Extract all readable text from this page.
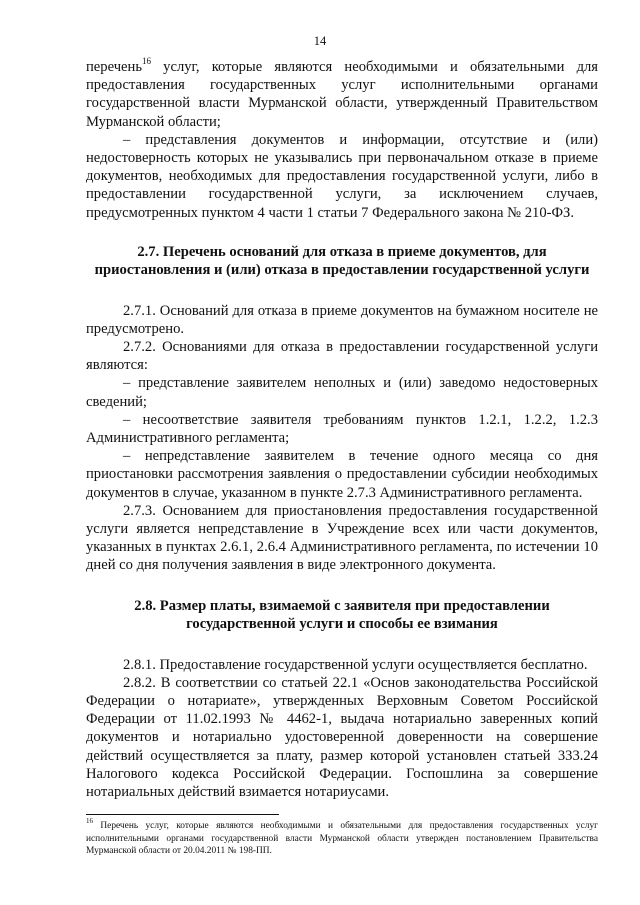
14

перечень$^{16}$ услуг, которые являются необходимыми и обязательными для предоставления государственных услуг исполнительными органами государственной власти Мурманской области, утвержденный Правительством Мурманской области;

– представления документов и информации, отсутствие и (или) недостоверность которых не указывались при первоначальном отказе в приеме документов, необходимых для предоставления государственной услуги, либо в предоставлении государственной услуги, за исключением случаев, предусмотренных пунктом 4 части 1 статьи 7 Федерального закона № 210-ФЗ.

2.7. Перечень оснований для отказа в приеме документов, для приостановления и (или) отказа в предоставлении государственной услуги

2.7.1. Оснований для отказа в приеме документов на бумажном носителе не предусмотрено.

2.7.2. Основаниями для отказа в предоставлении государственной услуги являются:

– представление заявителем неполных и (или) заведомо недостоверных сведений;

– несоответствие заявителя требованиям пунктов 1.2.1, 1.2.2, 1.2.3 Административного регламента;

– непредставление заявителем в течение одного месяца со дня приостановки рассмотрения заявления о предоставлении субсидии необходимых документов в случае, указанном в пункте 2.7.3 Административного регламента.

2.7.3. Основанием для приостановления предоставления государственной услуги является непредставление в Учреждение всех или части документов, указанных в пунктах 2.6.1, 2.6.4 Административного регламента, по истечении 10 дней со дня получения заявления в виде электронного документа.

2.8. Размер платы, взимаемой с заявителя при предоставлении государственной услуги и способы ее взимания

2.8.1. Предоставление государственной услуги осуществляется бесплатно.

2.8.2. В соответствии со статьей 22.1 «Основ законодательства Российской Федерации о нотариате», утвержденных Верховным Советом Российской Федерации от 11.02.1993 № 4462-1, выдача нотариально заверенных копий документов и нотариально удостоверенной доверенности на совершение действий осуществляется за плату, размер которой установлен статьей 333.24 Налогового кодекса Российской Федерации. Госпошлина за совершение нотариальных действий взимается нотариусами.

$^{16}$ Перечень услуг, которые являются необходимыми и обязательными для предоставления государственных услуг исполнительными органами государственной власти Мурманской области утвержден постановлением Правительства Мурманской области от 20.04.2011 № 198-ПП.
